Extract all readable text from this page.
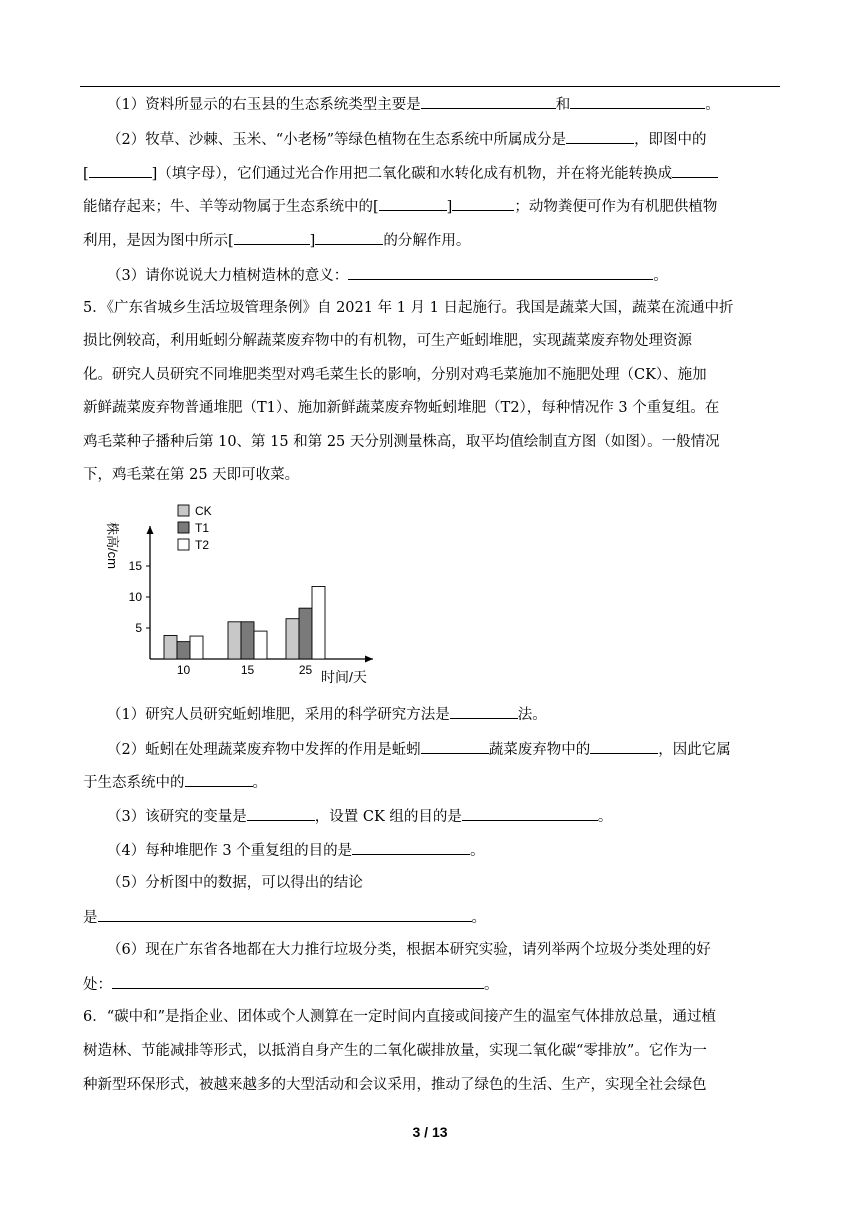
（1）资料所显示的右玉县的生态系统类型主要是	和	。
（2）牧草、沙棘、玉米、“小老杨”等绿色植物在生态系统中所属成分是	，即图中的
[	]（填字母），它们通过光合作用把二氧化碳和水转化成有机物，并在将光能转换成
能储存起来；牛、羊等动物属于生态系统中的[	]	；动物粪便可作为有机肥供植物
利用，是因为图中所示[	]	的分解作用。
（3）请你说说大力植树造林的意义：	。
5．《广东省城乡生活垃圾管理条例》自 2021 年 1 月 1 日起施行。我国是蔬菜大国，蔬菜在流通中折
损比例较高，利用蚯蚓分解蔬菜废弃物中的有机物，可生产蚯蚓堆肥，实现蔬菜废弃物处理资源
化。研究人员研究不同堆肥类型对鸡毛菜生长的影响，分别对鸡毛菜施加不施肥处理（CK）、施加
新鲜蔬菜废弃物普通堆肥（T1）、施加新鲜蔬菜废弃物蚯蚓堆肥（T2），每种情况作 3 个重复组。在
鸡毛菜种子播种后第 10、第 15 和第 25 天分别测量株高，取平均值绘制直方图（如图）。一般情况
下，鸡毛菜在第 25 天即可收菜。
5
10
15
株高/cm
时间/天
10	15	25
CK
T1
T2
（1）研究人员研究蚯蚓堆肥，采用的科学研究方法是	法。
（2）蚯蚓在处理蔬菜废弃物中发挥的作用是蚯蚓	蔬菜废弃物中的	，因此它属
于生态系统中的	。
（3）该研究的变量是	，设置 CK 组的目的是	。
（4）每种堆肥作 3 个重复组的目的是	。
（5）分析图中的数据，可以得出的结论
是	。
（6）现在广东省各地都在大力推行垃圾分类，根据本研究实验，请列举两个垃圾分类处理的好
处：	。
6．“碳中和”是指企业、团体或个人测算在一定时间内直接或间接产生的温室气体排放总量，通过植
树造林、节能减排等形式，以抵消自身产生的二氧化碳排放量，实现二氧化碳“零排放”。它作为一
种新型环保形式，被越来越多的大型活动和会议采用，推动了绿色的生活、生产，实现全社会绿色
3 / 13
